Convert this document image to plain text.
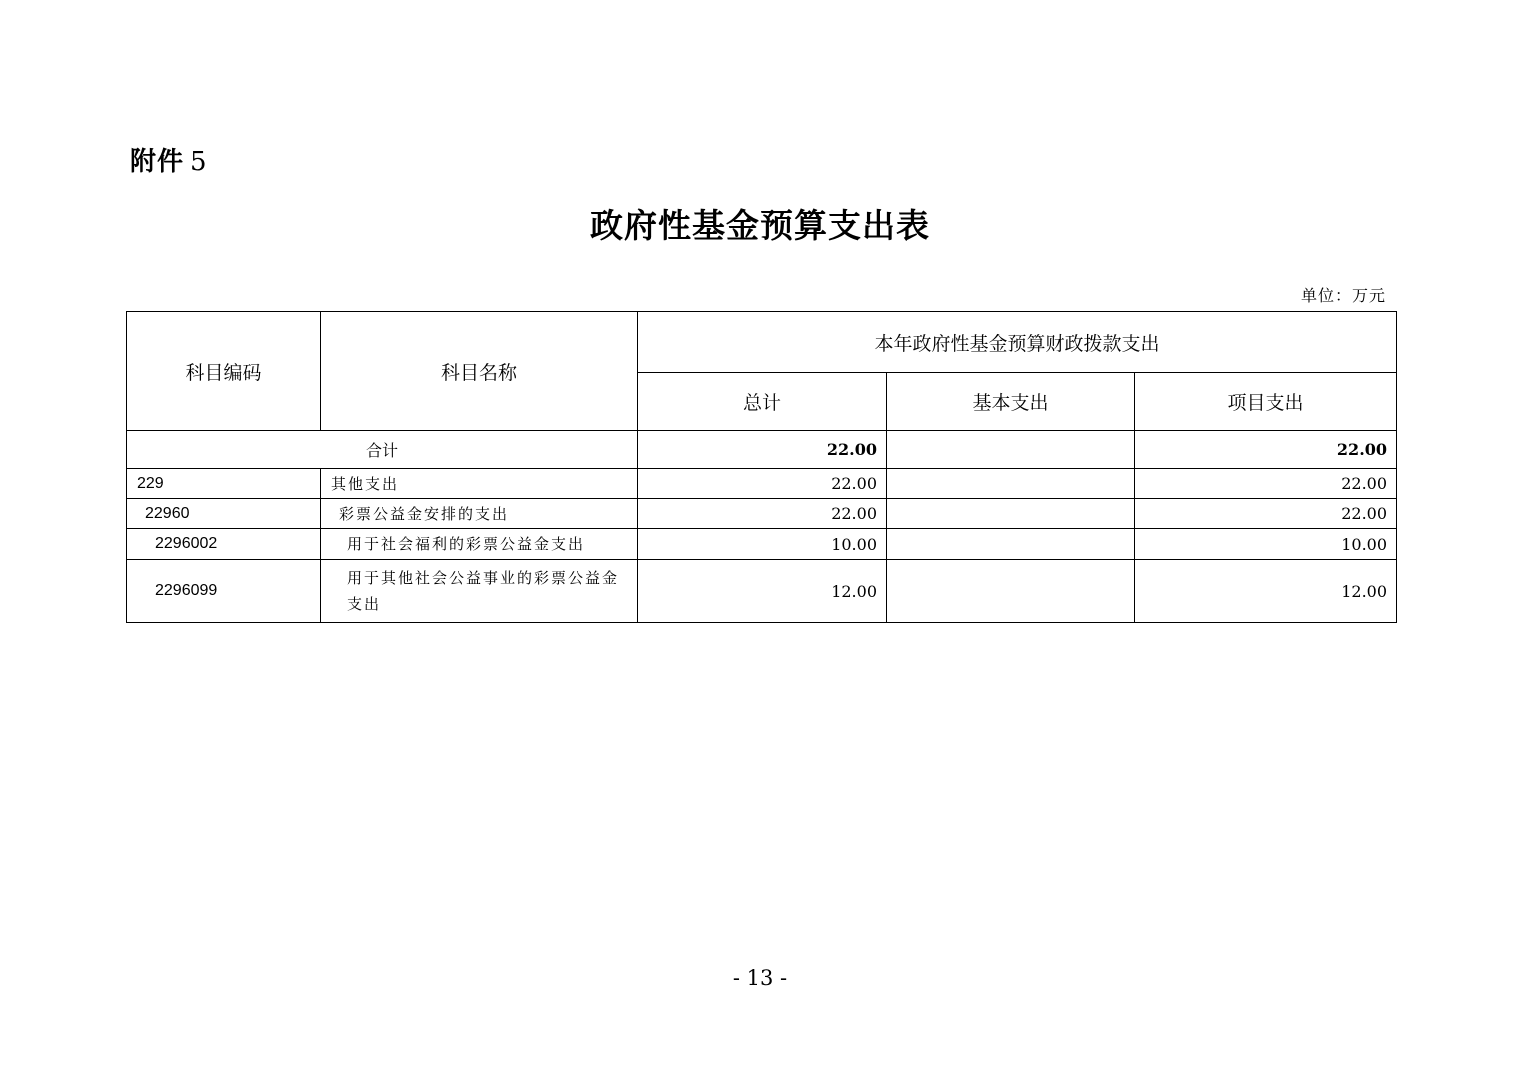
附件 5
政府性基金预算支出表
单位：万元
科目编码	科目名称	本年政府性基金预算财政拨款支出		
		总计	基本支出	项目支出
合计		22.00		22.00
229	其他支出	22.00		22.00
22960	彩票公益金安排的支出	22.00		22.00
2296002	用于社会福利的彩票公益金支出	10.00		10.00
2296099	用于其他社会公益事业的彩票公益金支出	12.00		12.00
- 13 -
